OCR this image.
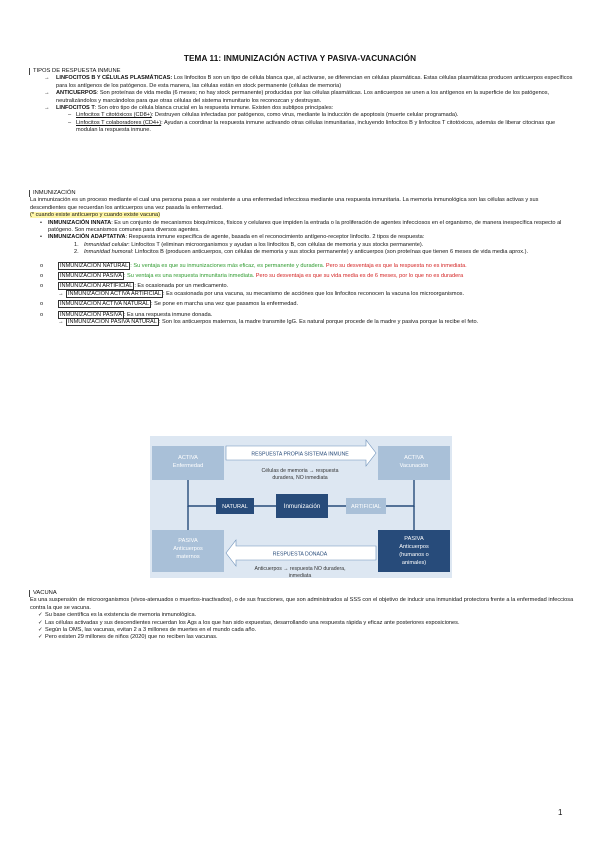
TEMA 11: INMUNIZACIÓN ACTIVA Y PASIVA-VACUNACIÓN
TIPOS DE RESPUESTA INMUNE
→	LINFOCITOS B Y CÉLULAS PLASMÁTICAS: Los linfocitos B son un tipo de célula blanca que, al activarse, se diferencian en células plasmáticas. Estas células plasmáticas producen anticuerpos específicos para los antígenos de los patógenos. De esta manera, las células están en stock permanente (células de memoria)
→	ANTICUERPOS: Son proteínas de vida media (6 meses; no hay stock permanente) producidas por las células plasmáticas. Los anticuerpos se unen a los antígenos en la superficie de los patógenos, neutralizándolos y marcándolos para que otras células del sistema inmunitario los reconozcan y destruyan.
→	LINFOCITOS T: Son otro tipo de célula blanca crucial en la respuesta inmune. Existen dos subtipos principales:
– Linfocitos T citotóxicos (CD8+): Destruyen células infectadas por patógenos, como virus, mediante la inducción de apoptosis (muerte celular programada).
– Linfocitos T colaboradores (CD4+): Ayudan a coordinar la respuesta inmune activando otras células inmunitarias, incluyendo linfocitos B y linfocitos T citotóxicos, además de liberar citocinas que modulan la respuesta inmune.
INMUNIZACIÓN
La inmunización es un proceso mediante el cual una persona pasa a ser resistente a una enfermedad infecciosa mediante una respuesta inmunitaria. La memoria inmunológica son las células activas y sus descendientes que recuerdan los anticuerpos una vez pasada la enfermedad.
(* cuando existe antícuerpo y cuando existe vacuna)
•	INMUNIZACIÓN INNATA: Es un conjunto de mecanismos bioquímicos, físicos y celulares que impiden la entrada o la proliferación de agentes infecciosos en el organismo, de manera inespecífica respecto al patógeno. Son mecanismos comunes para diversos agentes.
•	INMUNIZACIÓN ADAPTATIVA: Respuesta inmune específica de agente, basada en el reconocimiento antígeno-receptor linfocito. 2 tipos de respuesta:
1. Inmunidad celular: Linfocitos T (eliminan microorganismos y ayudan a los linfocitos B, con células de memoria y sus stocks permanente).
2. Inmunidad humoral: Linfocitos B (producen anticuerpos, con células de memoria y sus stocks permanente) y anticuerpos (son proteínas que tienen 6 meses de vida media aprox.).
o	INMUNIZACION NATURAL : Su ventaja es que su inmunizaciones más eficaz, es permanente y duradera. Pero su desventaja es que la respuesta no es inmediata.
o	INMUNIZACION PASIVA : Su ventaja es una respuesta inmunitaria inmediata. Pero su desventaja es que su vida media es de 6 meses, por lo que no es duradera
o	INMUNIZACIÓN ARTIFICIAL : Es ocasionada por un medicamento.
→ INMUNIZACIÓN ACTIVA ARTIFICIAL : Es ocasionada por una vacuna, su mecanismo de acciónes que los linfocitos reconocen la vacuna los microorganismos.
o	INMUNIZACIÓN ACTIVA NATURAL : Se pone en marcha una vez que pasamos la enfermedad.
o	INMUNIZACIÓN PASIVA : Es una respuesta inmune donada.
→ INMUNIZACIÓN PASIVA NATURAL : Son los anticuerpos maternos, la madre transmite IgG. Es natural porque procede de la madre y pasiva porque la recibe el feto.
ACTIVA
Enfermedad
ACTIVA
Vacunación
PASIVA
Anticuerpos
maternos
PASIVA
Anticuerpos
(humanos o
animales)
NATURAL	Inmunización	ARTIFICIAL
RESPUESTA PROPIA SISTEMA INMUNE
Células de memoria → respuesta
duradera, NO inmediata
RESPUESTA DONADA
Anticuerpos → respuesta NO duradera,
inmediata
VACUNA
Es una suspensión de microorganismos (vivos-atenuados o muertos-inactivados), o de sus fracciones, que son administrados al SSS con el objetivo de inducir una inmunidad protectora frente a la enfermedad infecciosa contra la que se vacuna.
✓ Su base científica es la existencia de memoria inmunológica.
✓ Las células activadas y sus descendientes recuerdan los Ags a los que han sido expuestas, desarrollando una respuesta rápida y eficaz ante posteriores exposiciones.
✓ Según la OMS, las vacunas, evitan 2 a 3 millones de muertes en el mundo cada año.
✓ Pero existen 29 millones de niños (2020) que no reciben las vacunas.
1
